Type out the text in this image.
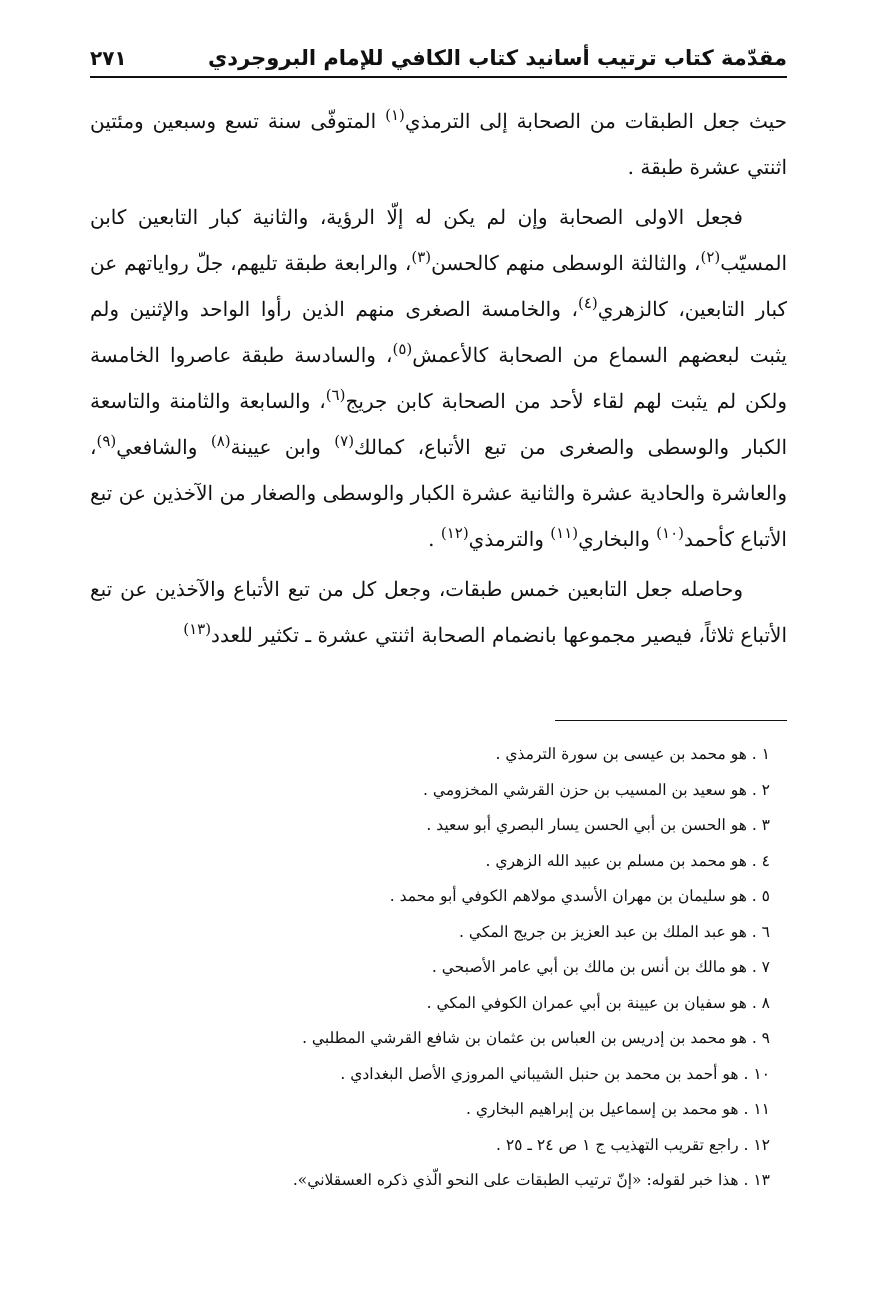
مقدّمة كتاب ترتيب أسانيد كتاب الكافي للإمام البروجردي
٢٧١

حيث جعل الطبقات من الصحابة إلى الترمذي$^{(١)}$ المتوفّى سنة تسع وسبعين ومئتين اثنتي عشرة طبقة .

فجعل الاولى الصحابة وإن لم يكن له إلّا الرؤية، والثانية كبار التابعين كابن المسيّب$^{(٢)}$، والثالثة الوسطى منهم كالحسن$^{(٣)}$، والرابعة طبقة تليهم، جلّ رواياتهم عن كبار التابعين، كالزهري$^{(٤)}$، والخامسة الصغرى منهم الذين رأوا الواحد والإثنين ولم يثبت لبعضهم السماع من الصحابة كالأعمش$^{(٥)}$، والسادسة طبقة عاصروا الخامسة ولكن لم يثبت لهم لقاء لأحد من الصحابة كابن جريج$^{(٦)}$، والسابعة والثامنة والتاسعة الكبار والوسطى والصغرى من تبع الأتباع، كمالك$^{(٧)}$ وابن عيينة$^{(٨)}$ والشافعي$^{(٩)}$، والعاشرة والحادية عشرة والثانية عشرة الكبار والوسطى والصغار من الآخذين عن تبع الأتباع كأحمد$^{(١٠)}$ والبخاري$^{(١١)}$ والترمذي$^{(١٢)}$ .

وحاصله جعل التابعين خمس طبقات، وجعل كل من تبع الأتباع والآخذين عن تبع الأتباع ثلاثاً، فيصير مجموعها بانضمام الصحابة اثنتي عشرة ـ تكثير للعدد$^{(١٣)}$

١ . هو محمد بن عيسى بن سورة الترمذي .
٢ . هو سعيد بن المسيب بن حزن القرشي المخزومي .
٣ . هو الحسن بن أبي الحسن يسار البصري أبو سعيد .
٤ . هو محمد بن مسلم بن عبيد الله الزهري .
٥ . هو سليمان بن مهران الأسدي مولاهم الكوفي أبو محمد .
٦ . هو عبد الملك بن عبد العزيز بن جريج المكي .
٧ . هو مالك بن أنس بن مالك بن أبي عامر الأصبحي .
٨ . هو سفيان بن عيينة بن أبي عمران الكوفي المكي .
٩ . هو محمد بن إدريس بن العباس بن عثمان بن شافع القرشي المطلبي .
١٠ . هو أحمد بن محمد بن حنبل الشيباني المروزي الأصل البغدادي .
١١ . هو محمد بن إسماعيل بن إبراهيم البخاري .
١٢ . راجع تقريب التهذيب ج ١ ص ٢٤ ـ ٢٥ .
١٣ . هذا خبر لقوله: «إنّ ترتيب الطبقات على النحو الّذي ذكره العسقلاني».
